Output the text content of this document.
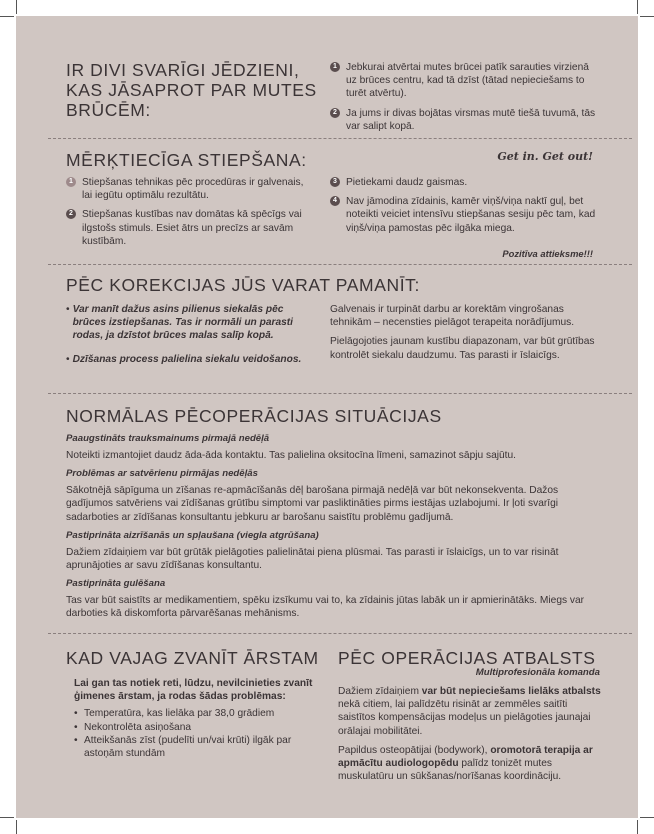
IR DIVI SVARĪGI JĒDZIENI,
KAS JĀSAPROT PAR MUTES
BRŪCĒM:
1 Jebkurai atvērtai mutes brūcei patīk sarauties virzienā uz brūces centru, kad tā dzīst (tātad nepieciešams to turēt atvērtu).
2 Ja jums ir divas bojātas virsmas mutē tiešā tuvumā, tās var salipt kopā.
MĒRĶTIECĪGA STIEPŠANA:	Get in. Get out!
1 Stiepšanas tehnikas pēc procedūras ir galvenais, lai iegūtu optimālu rezultātu.
2 Stiepšanas kustības nav domātas kā spēcīgs vai ilgstošs stimuls. Esiet ātrs un precīzs ar savām kustībām.
3 Pietiekami daudz gaismas.
4 Nav jāmodina zīdainis, kamēr viņš/viņa naktī guļ, bet noteikti veiciet intensīvu stiepšanas sesiju pēc tam, kad viņš/viņa pamostas pēc ilgāka miega.
Pozitīva attieksme!!!
PĒC KOREKCIJAS JŪS VARAT PAMANĪT:
• Var manīt dažus asins pilienus siekalās pēc brūces izstiepšanas. Tas ir normāli un parasti rodas, ja dzīstot brūces malas salīp kopā.
• Dzīšanas process palielina siekalu veidošanos.

Galvenais ir turpināt darbu ar korektām vingrošanas tehnikām – necensties pielāgot terapeita norādījumus.

Pielāgojoties jaunam kustību diapazonam, var būt grūtības kontrolēt siekalu daudzumu. Tas parasti ir īslaicīgs.

NORMĀLAS PĒCOPERĀCIJAS SITUĀCIJAS

Paaugstināts trauksmainums pirmajā nedēļā

Noteikti izmantojiet daudz āda-āda kontaktu. Tas palielina oksitocīna līmeni, samazinot sāpju sajūtu.

Problēmas ar satvērienu pirmājas nedēļās

Sākotnējā sāpīguma un zīšanas re-apmācīšanās dēļ barošana pirmajā nedēļā var būt nekonsekventa. Dažos gadījumos satvēriens vai zīdīšanas grūtību simptomi var pasliktināties pirms iestājas uzlabojumi. Ir ļoti svarīgi sadarboties ar zīdīšanas konsultantu jebkuru ar barošanu saistītu problēmu gadījumā.

Pastiprināta aizrīšanās un spļaušana (viegla atgrūšana)

Dažiem zīdaiņiem var būt grūtāk pielāgoties palielinātai piena plūsmai. Tas parasti ir īslaicīgs, un to var risināt aprunājoties ar savu zīdīšanas konsultantu.

Pastiprināta gulēšana

Tas var būt saistīts ar medikamentiem, spēku izsīkumu vai to, ka zīdainis jūtas labāk un ir apmierinātāks. Miegs var darboties kā diskomforta pārvarēšanas mehānisms.

KAD VAJAG ZVANĪT ĀRSTAM

Lai gan tas notiek reti, lūdzu, nevilcinieties zvanīt ģimenes ārstam, ja rodas šādas problēmas:

• Temperatūra, kas lielāka par 38,0 grādiem
• Nekontrolēta asiņošana
• Atteikšanās zīst (pudelīti un/vai krūti) ilgāk par astoņām stundām
PĒC OPERĀCIJAS ATBALSTS
Multiprofesionāla komanda

Dažiem zīdaiņiem var būt nepieciešams lielāks atbalsts nekā citiem, lai palīdzētu risināt ar zemmēles saitīti saistītos kompensācijas modeļus un pielāgoties jaunajai orālajai mobilitātei.

Papildus osteopātijai (bodywork), oromotorā terapija ar apmācītu audiologopēdu palīdz tonizēt mutes muskulatūru un sūkšanas/norīšanas koordināciju.
